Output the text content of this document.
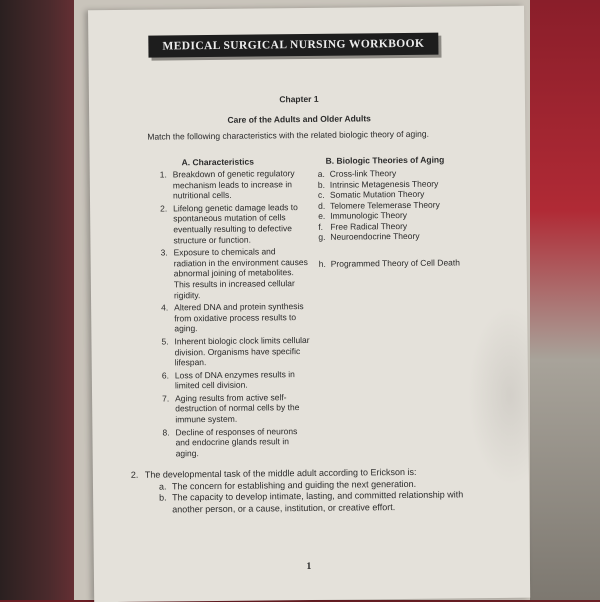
MEDICAL SURGICAL NURSING WORKBOOK
Chapter 1
Care of the Adults and Older Adults
Match the following characteristics with the related biologic theory of aging.
A. Characteristics	B. Biologic Theories of Aging
1. Breakdown of genetic regulatory mechanism leads to increase in nutritional cells.
2. Lifelong genetic damage leads to spontaneous mutation of cells eventually resulting to defective structure or function.
3. Exposure to chemicals and radiation in the environment causes abnormal joining of metabolites. This results in increased cellular rigidity.
4. Altered DNA and protein synthesis from oxidative process results to aging.
5. Inherent biologic clock limits cellular division. Organisms have specific lifespan.
6. Loss of DNA enzymes results in limited cell division.
7. Aging results from active self-destruction of normal cells by the immune system.
8. Decline of responses of neurons and endocrine glands result in aging.
a. Cross-link Theory
b. Intrinsic Metagenesis Theory
c. Somatic Mutation Theory
d. Telomere Telemerase Theory
e. Immunologic Theory
f. Free Radical Theory
g. Neuroendocrine Theory
h. Programmed Theory of Cell Death
2. The developmental task of the middle adult according to Erickson is:
a. The concern for establishing and guiding the next generation.
b. The capacity to develop intimate, lasting, and committed relationship with another person, or a cause, institution, or creative effort.
1
